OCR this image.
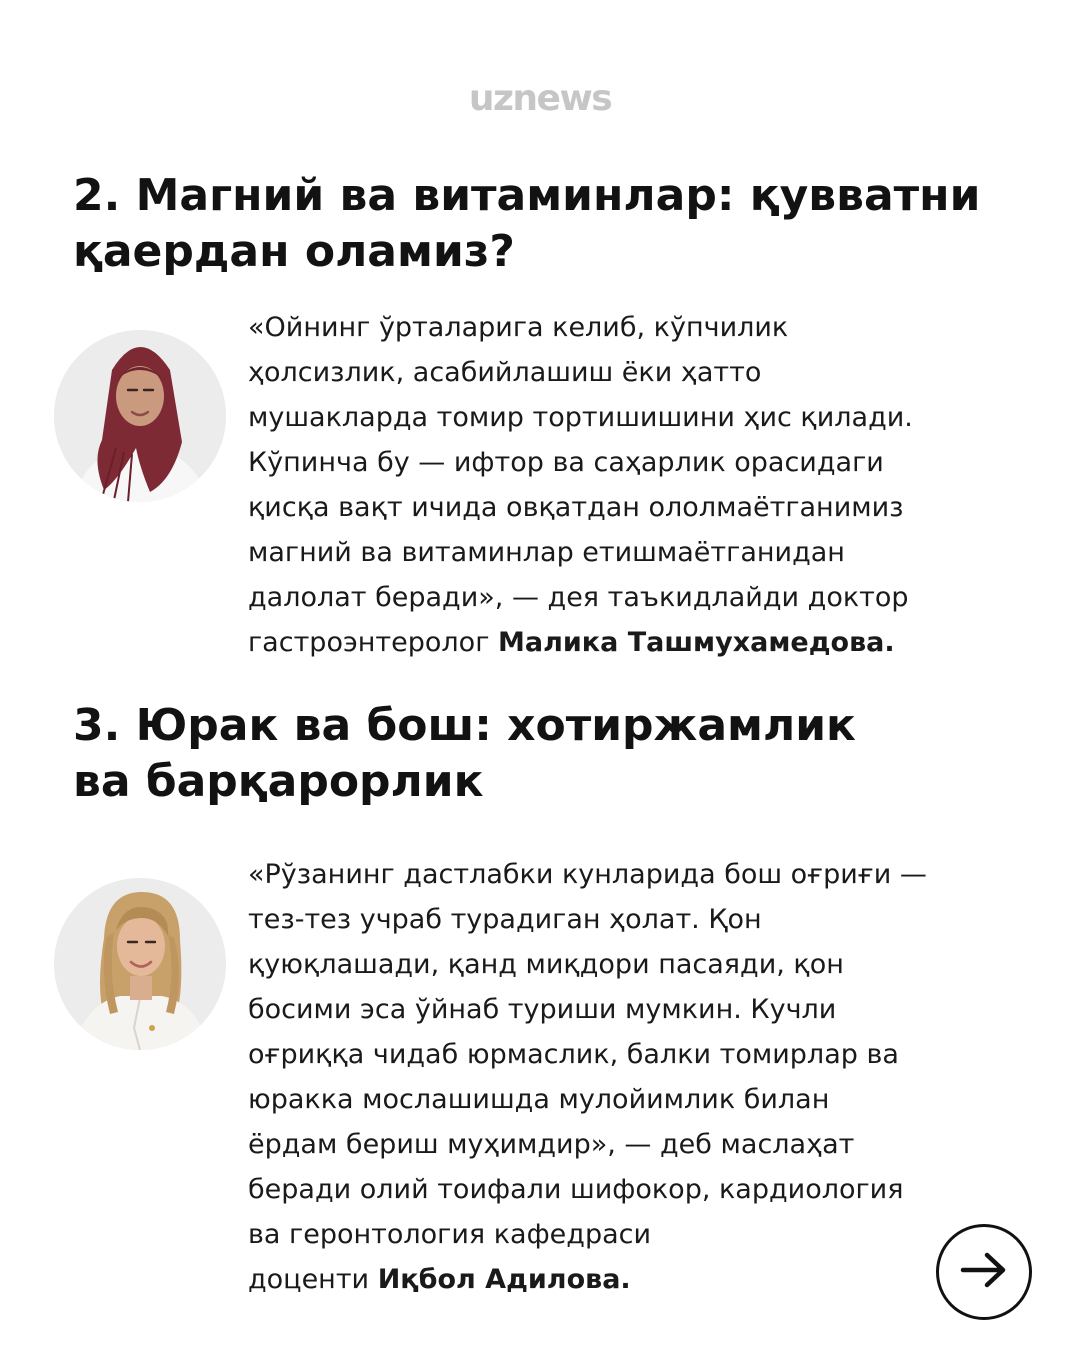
uznews
2. Магний ва витаминлар: қувватни
қаердан оламиз?
«Ойнинг ўрталарига келиб, кўпчилик
ҳолсизлик, асабийлашиш ёки ҳатто
мушакларда томир тортишишини ҳис қилади.
Кўпинча бу — ифтор ва саҳарлик орасидаги
қисқа вақт ичида овқатдан ололмаётганимиз
магний ва витаминлар етишмаётганидан
далолат беради», — дея таъкидлайди доктор
гастроэнтеролог Малика Ташмухамедова.
3. Юрак ва бош: хотиржамлик
ва барқарорлик
«Рўзанинг дастлабки кунларида бош оғриғи —
тез-тез учраб турадиган ҳолат. Қон
қуюқлашади, қанд миқдори пасаяди, қон
босими эса ўйнаб туриши мумкин. Кучли
оғриққа чидаб юрмаслик, балки томирлар ва
юракка мослашишда мулойимлик билан
ёрдам бериш муҳимдир», — деб маслаҳат
беради олий тоифали шифокор, кардиология
ва геронтология кафедраси
доценти Иқбол Адилова.
